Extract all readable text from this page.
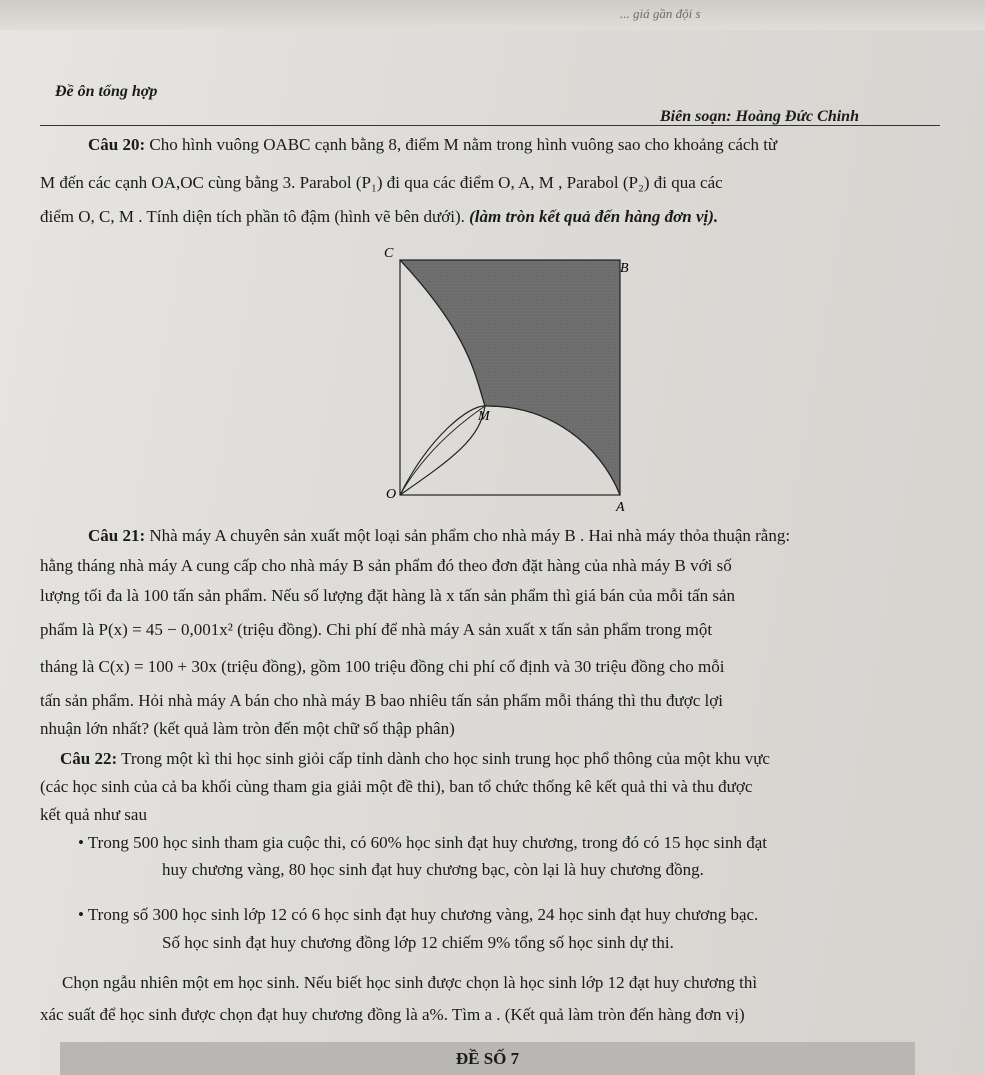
... giá gần đội s
Đề ôn tổng hợp
Biên soạn: Hoàng Đức Chinh
Câu 20: Cho hình vuông OABC cạnh bằng 8, điểm M nằm trong hình vuông sao cho khoảng cách từ
M đến các cạnh OA,OC cùng bằng 3. Parabol (P₁) đi qua các điểm O, A, M , Parabol (P₂) đi qua các
điểm O, C, M . Tính diện tích phần tô đậm (hình vẽ bên dưới). (làm tròn kết quả đến hàng đơn vị).
C
B
M
O
A
Câu 21: Nhà máy A chuyên sản xuất một loại sản phẩm cho nhà máy B . Hai nhà máy thỏa thuận rằng:
hằng tháng nhà máy A cung cấp cho nhà máy B sản phẩm đó theo đơn đặt hàng của nhà máy B với số
lượng tối đa là 100 tấn sản phẩm. Nếu số lượng đặt hàng là x tấn sản phẩm thì giá bán của mỗi tấn sản
phẩm là P(x) = 45 − 0,001x² (triệu đồng). Chi phí để nhà máy A sản xuất x tấn sản phẩm trong một
tháng là C(x) = 100 + 30x (triệu đồng), gồm 100 triệu đồng chi phí cố định và 30 triệu đồng cho mỗi
tấn sản phẩm. Hỏi nhà máy A bán cho nhà máy B bao nhiêu tấn sản phẩm mỗi tháng thì thu được lợi
nhuận lớn nhất? (kết quả làm tròn đến một chữ số thập phân)
Câu 22: Trong một kì thi học sinh giỏi cấp tỉnh dành cho học sinh trung học phổ thông của một khu vực
(các học sinh của cả ba khối cùng tham gia giải một đề thi), ban tổ chức thống kê kết quả thi và thu được
kết quả như sau
• Trong 500 học sinh tham gia cuộc thi, có 60% học sinh đạt huy chương, trong đó có 15 học sinh đạt
huy chương vàng, 80 học sinh đạt huy chương bạc, còn lại là huy chương đồng.
• Trong số 300 học sinh lớp 12 có 6 học sinh đạt huy chương vàng, 24 học sinh đạt huy chương bạc.
Số học sinh đạt huy chương đồng lớp 12 chiếm 9% tổng số học sinh dự thi.
Chọn ngẫu nhiên một em học sinh. Nếu biết học sinh được chọn là học sinh lớp 12 đạt huy chương thì
xác suất để học sinh được chọn đạt huy chương đồng là a%. Tìm a . (Kết quả làm tròn đến hàng đơn vị)
ĐỀ SỐ 7
